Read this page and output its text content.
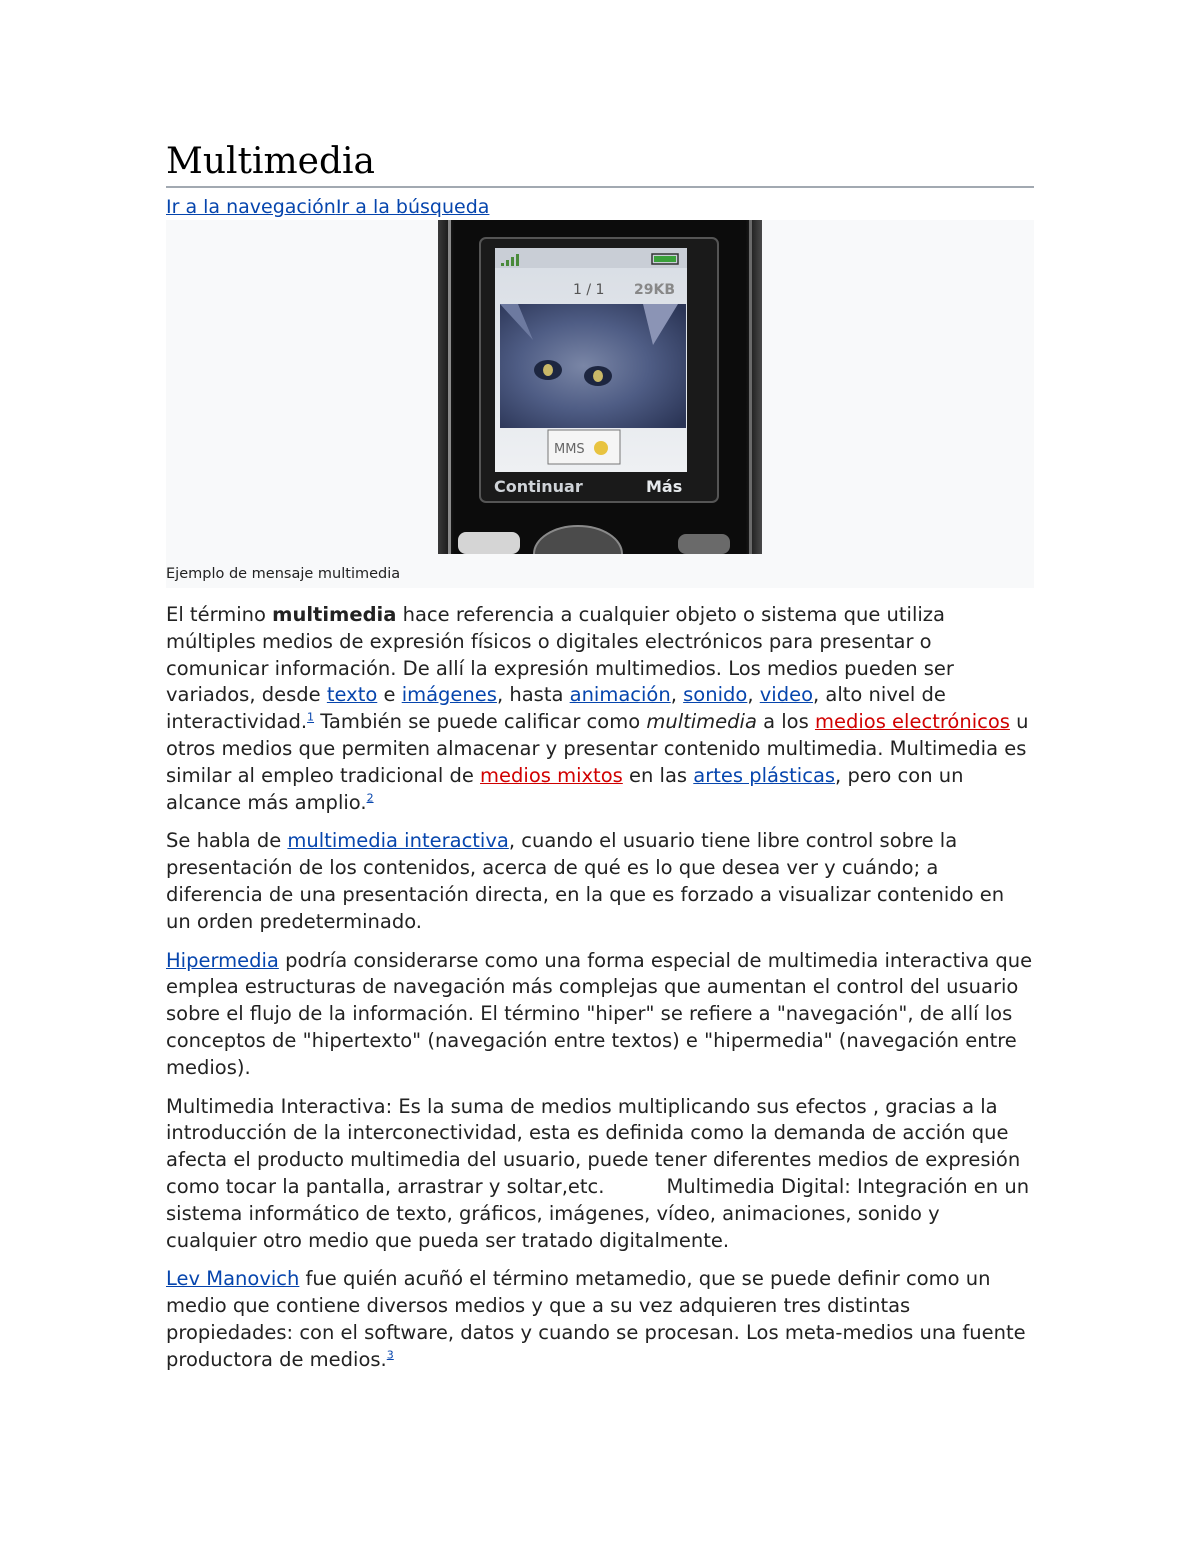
Multimedia
Ir a la navegaciónIr a la búsqueda
1 / 1 29KB
MMS
Continuar	Más
Ejemplo de mensaje multimedia

El término multimedia hace referencia a cualquier objeto o sistema que utiliza múltiples medios de expresión físicos o digitales electrónicos para presentar o comunicar información. De allí la expresión multimedios. Los medios pueden ser variados, desde texto e imágenes, hasta animación, sonido, video, alto nivel de interactividad.$^1$ También se puede calificar como multimedia a los medios electrónicos u otros medios que permiten almacenar y presentar contenido multimedia. Multimedia es similar al empleo tradicional de medios mixtos en las artes plásticas, pero con un alcance más amplio.$^2$

Se habla de multimedia interactiva, cuando el usuario tiene libre control sobre la presentación de los contenidos, acerca de qué es lo que desea ver y cuándo; a diferencia de una presentación directa, en la que es forzado a visualizar contenido en un orden predeterminado.

Hipermedia podría considerarse como una forma especial de multimedia interactiva que emplea estructuras de navegación más complejas que aumentan el control del usuario sobre el flujo de la información. El término "hiper" se refiere a "navegación", de allí los conceptos de "hipertexto" (navegación entre textos) e "hipermedia" (navegación entre medios).

Multimedia Interactiva: Es la suma de medios multiplicando sus efectos , gracias a la introducción de la interconectividad, esta es definida como la demanda de acción que afecta el producto multimedia del usuario, puede tener diferentes medios de expresión como tocar la pantalla, arrastrar y soltar,etc.          Multimedia Digital: Integración en un sistema informático de texto, gráficos, imágenes, vídeo, animaciones, sonido y cualquier otro medio que pueda ser tratado digitalmente.

Lev Manovich fue quién acuñó el término metamedio, que se puede definir como un medio que contiene diversos medios y que a su vez adquieren tres distintas propiedades: con el software, datos y cuando se procesan. Los meta-medios una fuente productora de medios.$^3$
